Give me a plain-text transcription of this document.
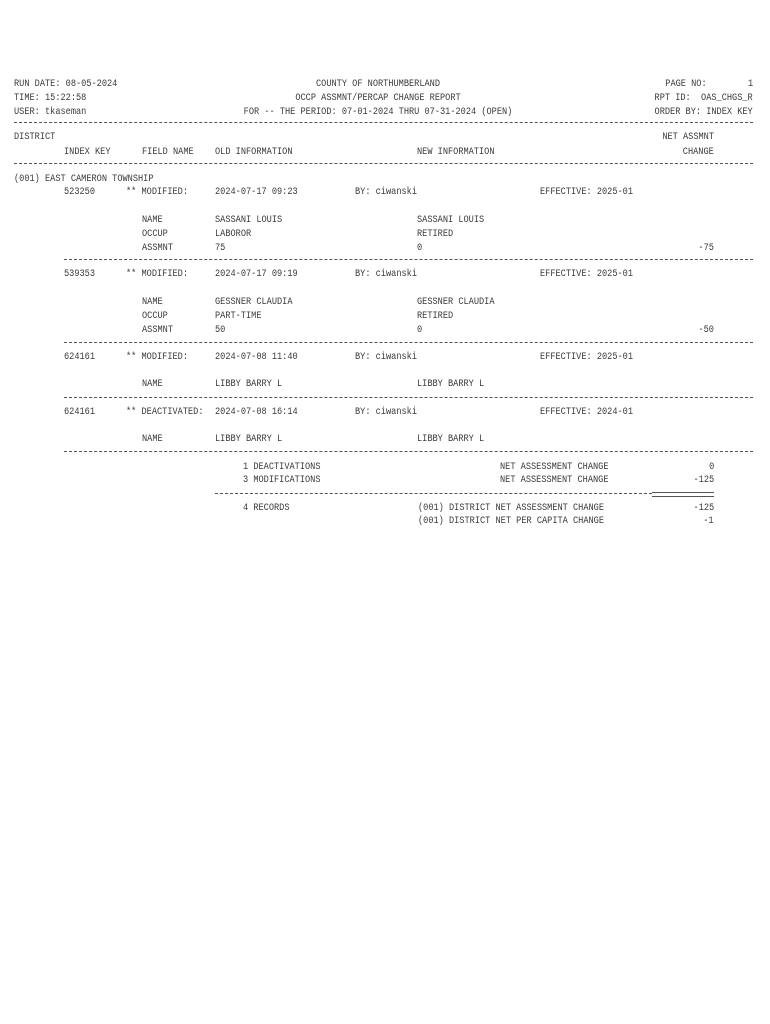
RUN DATE: 08-05-2024
TIME: 15:22:58
USER: tkaseman
COUNTY OF NORTHUMBERLAND
OCCP ASSMNT/PERCAP CHANGE REPORT
FOR -- THE PERIOD: 07-01-2024 THRU 07-31-2024 (OPEN)
PAGE NO:        1
RPT ID:  OAS_CHGS_R
ORDER BY: INDEX KEY
DISTRICT	NET ASSMNT
INDEX KEY	FIELD NAME OLD INFORMATION	NEW INFORMATION	CHANGE
(001) EAST CAMERON TOWNSHIP
523250	** MODIFIED:	2024-07-17 09:23	BY: ciwanski	EFFECTIVE: 2025-01
NAME	SASSANI LOUIS	SASSANI LOUIS
OCCUP	LABOROR	RETIRED
ASSMNT	75	0	-75
539353	** MODIFIED:	2024-07-17 09:19	BY: ciwanski	EFFECTIVE: 2025-01
NAME	GESSNER CLAUDIA	GESSNER CLAUDIA
OCCUP	PART-TIME	RETIRED
ASSMNT	50	0	-50
624161	** MODIFIED:	2024-07-08 11:40	BY: ciwanski	EFFECTIVE: 2025-01
NAME	LIBBY BARRY L	LIBBY BARRY L
624161	** DEACTIVATED: 2024-07-08 16:14	BY: ciwanski	EFFECTIVE: 2024-01
NAME	LIBBY BARRY L	LIBBY BARRY L
1 DEACTIVATIONS	NET ASSESSMENT CHANGE	0
3 MODIFICATIONS	NET ASSESSMENT CHANGE	-125
4 RECORDS	(001) DISTRICT NET ASSESSMENT CHANGE	-125
(001) DISTRICT NET PER CAPITA CHANGE	-1
